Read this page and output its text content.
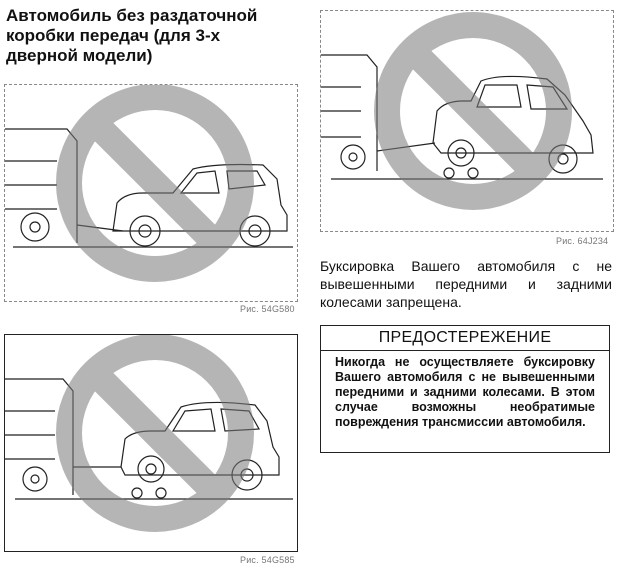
Автомобиль без раздаточной коробки передач (для 3-х дверной модели)
Рис. 54G580
Рис. 64J234
Рис. 54G585
Буксировка Вашего автомобиля с не вывешенными передними и задними колесами запрещена.
ПРЕДОСТЕРЕЖЕНИЕ
Никогда не осуществляете буксировку Вашего автомобиля с не вывешенными передними и задними колесами. В этом случае возможны необратимые повреждения трансмиссии автомобиля.
